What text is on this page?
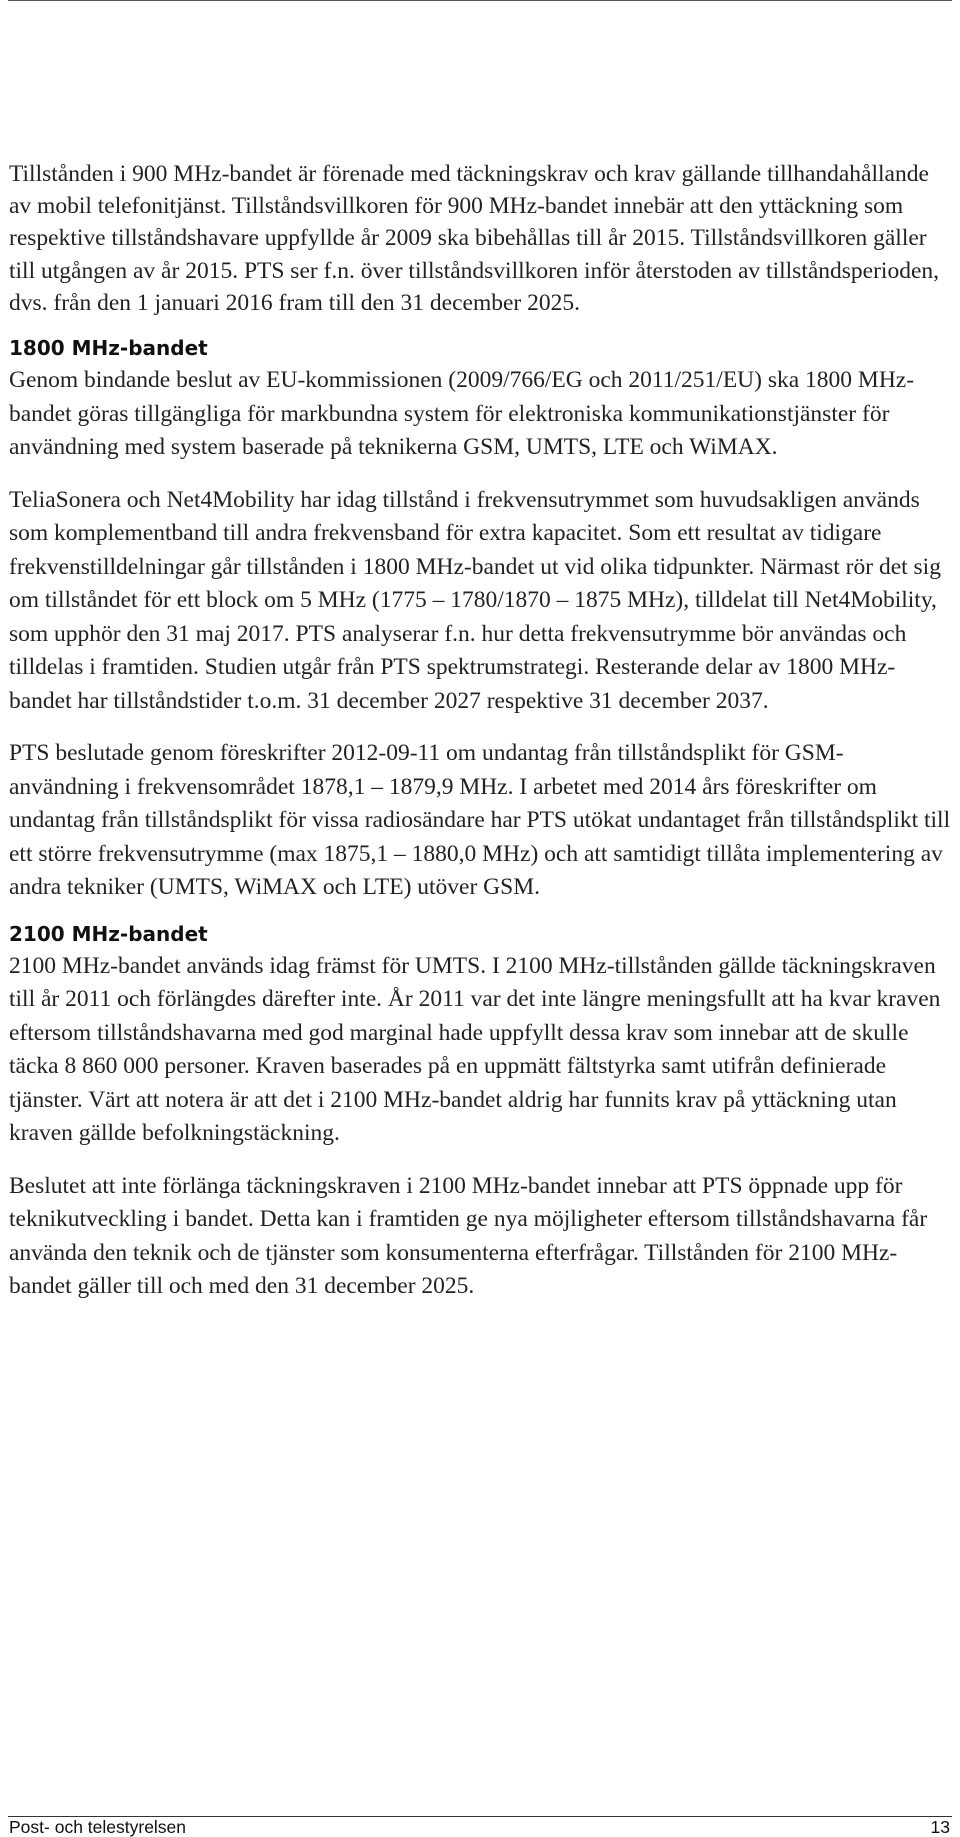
Tillstånden i 900 MHz-bandet är förenade med täckningskrav och krav gällande tillhandahållande av mobil telefonitjänst. Tillståndsvillkoren för 900 MHz-bandet innebär att den yttäckning som respektive tillståndshavare uppfyllde år 2009 ska bibehållas till år 2015. Tillståndsvillkoren gäller till utgången av år 2015. PTS ser f.n. över tillståndsvillkoren inför återstoden av tillståndsperioden, dvs. från den 1 januari 2016 fram till den 31 december 2025.

1800 MHz-bandet

Genom bindande beslut av EU-kommissionen (2009/766/EG och 2011/251/EU) ska 1800 MHz-bandet göras tillgängliga för markbundna system för elektroniska kommunikationstjänster för användning med system baserade på teknikerna GSM, UMTS, LTE och WiMAX.

TeliaSonera och Net4Mobility har idag tillstånd i frekvensutrymmet som huvudsakligen används som komplementband till andra frekvensband för extra kapacitet. Som ett resultat av tidigare frekvenstilldelningar går tillstånden i 1800 MHz-bandet ut vid olika tidpunkter. Närmast rör det sig om tillståndet för ett block om 5 MHz (1775 – 1780/1870 – 1875 MHz), tilldelat till Net4Mobility, som upphör den 31 maj 2017. PTS analyserar f.n. hur detta frekvensutrymme bör användas och tilldelas i framtiden. Studien utgår från PTS spektrumstrategi. Resterande delar av 1800 MHz-bandet har tillståndstider t.o.m. 31 december 2027 respektive 31 december 2037.

PTS beslutade genom föreskrifter 2012-09-11 om undantag från tillståndsplikt för GSM-användning i frekvensområdet 1878,1 – 1879,9 MHz. I arbetet med 2014 års föreskrifter om undantag från tillståndsplikt för vissa radiosändare har PTS utökat undantaget från tillståndsplikt till ett större frekvensutrymme (max 1875,1 – 1880,0 MHz) och att samtidigt tillåta implementering av andra tekniker (UMTS, WiMAX och LTE) utöver GSM.

2100 MHz-bandet

2100 MHz-bandet används idag främst för UMTS. I 2100 MHz-tillstånden gällde täckningskraven till år 2011 och förlängdes därefter inte. År 2011 var det inte längre meningsfullt att ha kvar kraven eftersom tillståndshavarna med god marginal hade uppfyllt dessa krav som innebar att de skulle täcka 8 860 000 personer. Kraven baserades på en uppmätt fältstyrka samt utifrån definierade tjänster. Värt att notera är att det i 2100 MHz-bandet aldrig har funnits krav på yttäckning utan kraven gällde befolkningstäckning.

Beslutet att inte förlänga täckningskraven i 2100 MHz-bandet innebar att PTS öppnade upp för teknikutveckling i bandet. Detta kan i framtiden ge nya möjligheter eftersom tillståndshavarna får använda den teknik och de tjänster som konsumenterna efterfrågar. Tillstånden för 2100 MHz-bandet gäller till och med den 31 december 2025.

Post- och telestyrelsen	13
